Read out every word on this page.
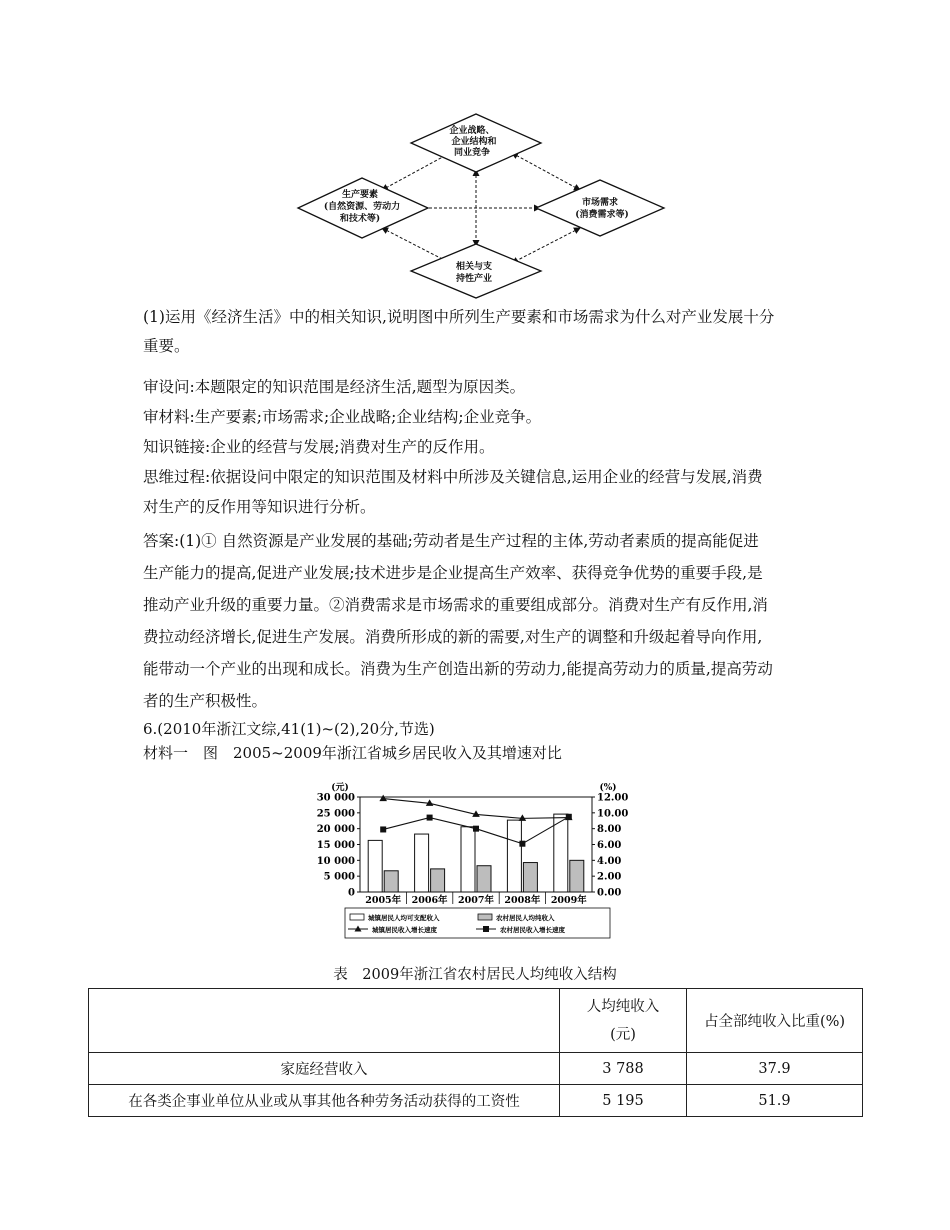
企业战略、
企业结构和
同业竞争
生产要素
(自然资源、劳动力
和技术等)
市场需求
(消费需求等)
相关与支
持性产业

(1)运用《经济生活》中的相关知识,说明图中所列生产要素和市场需求为什么对产业发展十分

重要。

审设问:本题限定的知识范围是经济生活,题型为原因类。

审材料:生产要素;市场需求;企业战略;企业结构;企业竞争。

知识链接:企业的经营与发展;消费对生产的反作用。

思维过程:依据设问中限定的知识范围及材料中所涉及关键信息,运用企业的经营与发展,消费

对生产的反作用等知识进行分析。

答案:(1)① 自然资源是产业发展的基础;劳动者是生产过程的主体,劳动者素质的提高能促进

生产能力的提高,促进产业发展;技术进步是企业提高生产效率、获得竞争优势的重要手段,是

推动产业升级的重要力量。②消费需求是市场需求的重要组成部分。消费对生产有反作用,消

费拉动经济增长,促进生产发展。消费所形成的新的需要,对生产的调整和升级起着导向作用,

能带动一个产业的出现和成长。消费为生产创造出新的劳动力,能提高劳动力的质量,提高劳动

者的生产积极性。

6.(2010年浙江文综,41(1)~(2),20分,节选)
材料一　图　2005~2009年浙江省城乡居民收入及其增速对比
(元)	(%)
0
5 000
10 000
15 000
20 000
25 000
30 000
0.00
2.00
4.00
6.00
8.00
10.00
12.00
2005年 2006年 2007年 2008年 2009年
城镇居民人均可支配收入	农村居民人均纯收入
城镇居民收入增长速度	农村居民收入增长速度
表　2009年浙江省农村居民人均纯收入结构
	人均纯收入
(元)	占全部纯收入比重(%)
家庭经营收入	3 788	37.9
在各类企事业单位从业或从事其他各种劳务活动获得的工资性	5 195	51.9
